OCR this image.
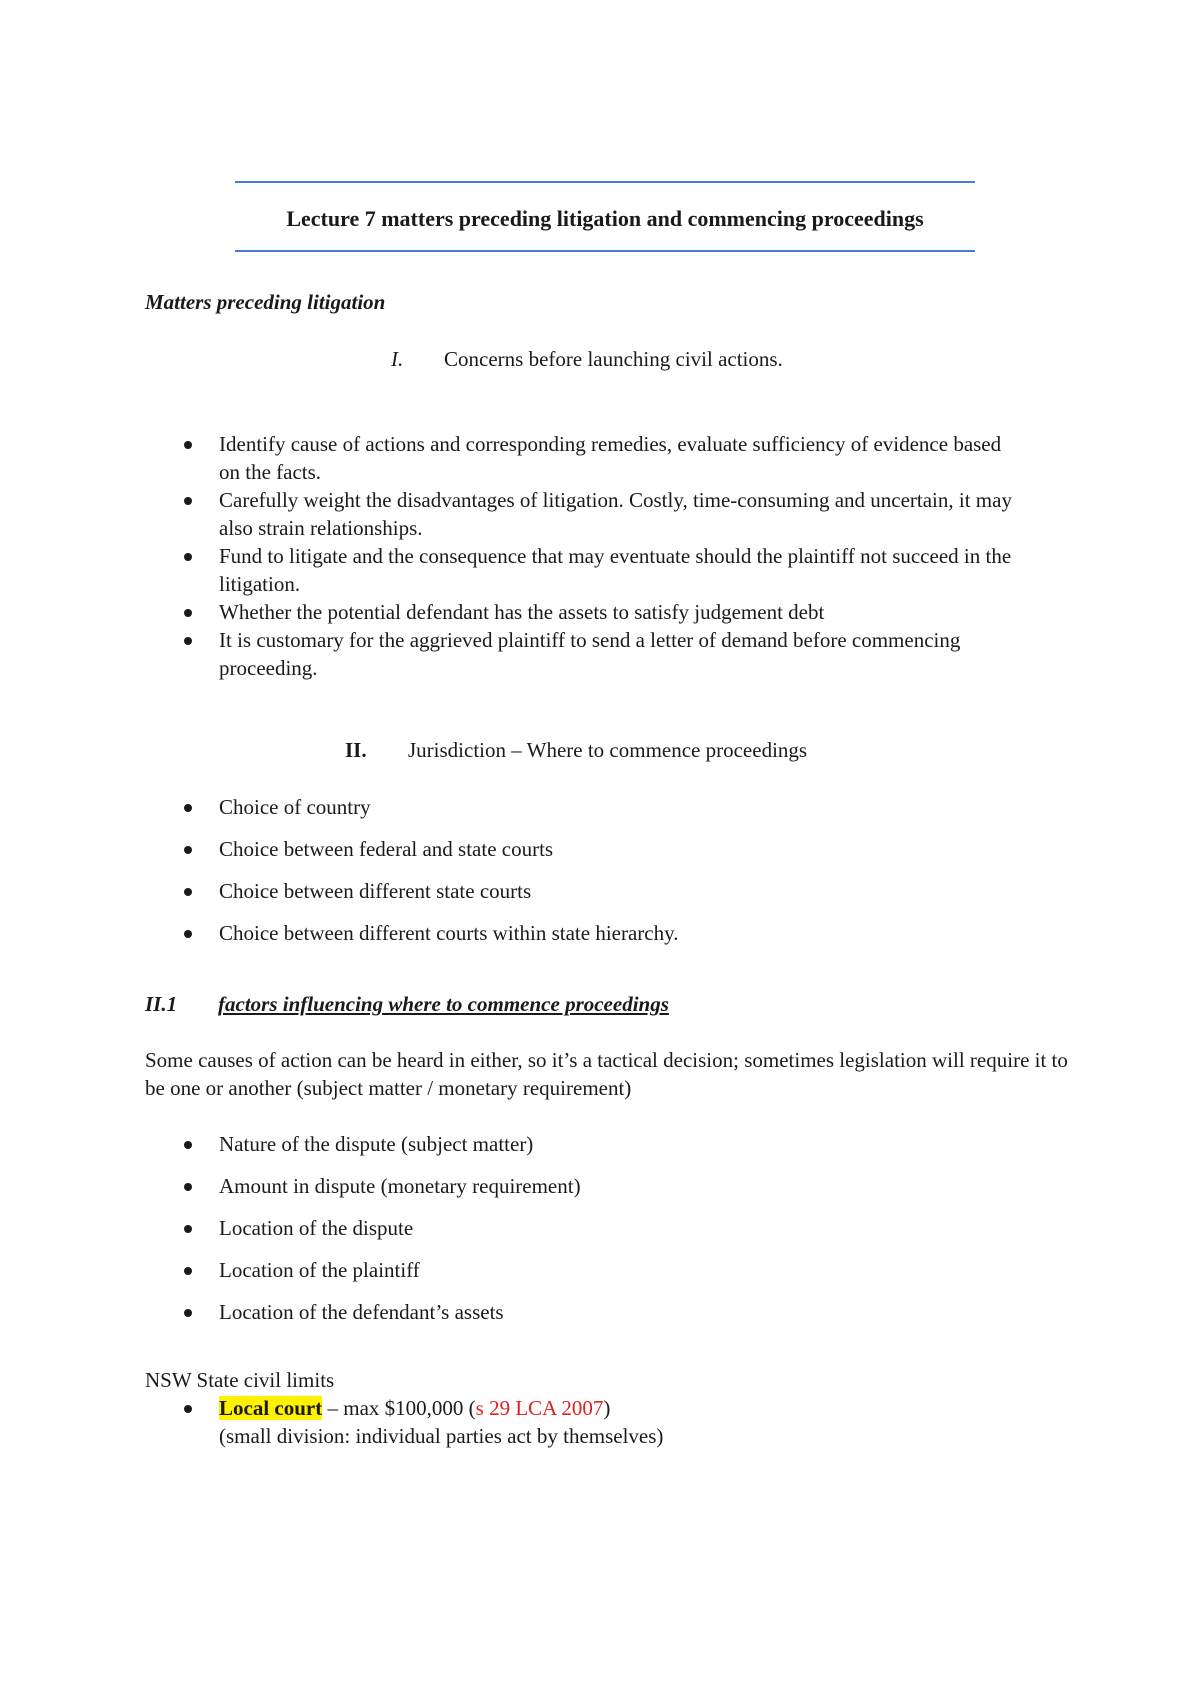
Lecture 7 matters preceding litigation and commencing proceedings
Matters preceding litigation
I. Concerns before launching civil actions.
Identify cause of actions and corresponding remedies, evaluate sufficiency of evidence based on the facts.
Carefully weight the disadvantages of litigation. Costly, time-consuming and uncertain, it may also strain relationships.
Fund to litigate and the consequence that may eventuate should the plaintiff not succeed in the litigation.
Whether the potential defendant has the assets to satisfy judgement debt
It is customary for the aggrieved plaintiff to send a letter of demand before commencing proceeding.
II. Jurisdiction – Where to commence proceedings
Choice of country
Choice between federal and state courts
Choice between different state courts
Choice between different courts within state hierarchy.
II.1 factors influencing where to commence proceedings
Some causes of action can be heard in either, so it’s a tactical decision; sometimes legislation will require it to be one or another (subject matter / monetary requirement)
Nature of the dispute (subject matter)
Amount in dispute (monetary requirement)
Location of the dispute
Location of the plaintiff
Location of the defendant’s assets
NSW State civil limits
Local court – max $100,000 (s 29 LCA 2007)
(small division: individual parties act by themselves)
